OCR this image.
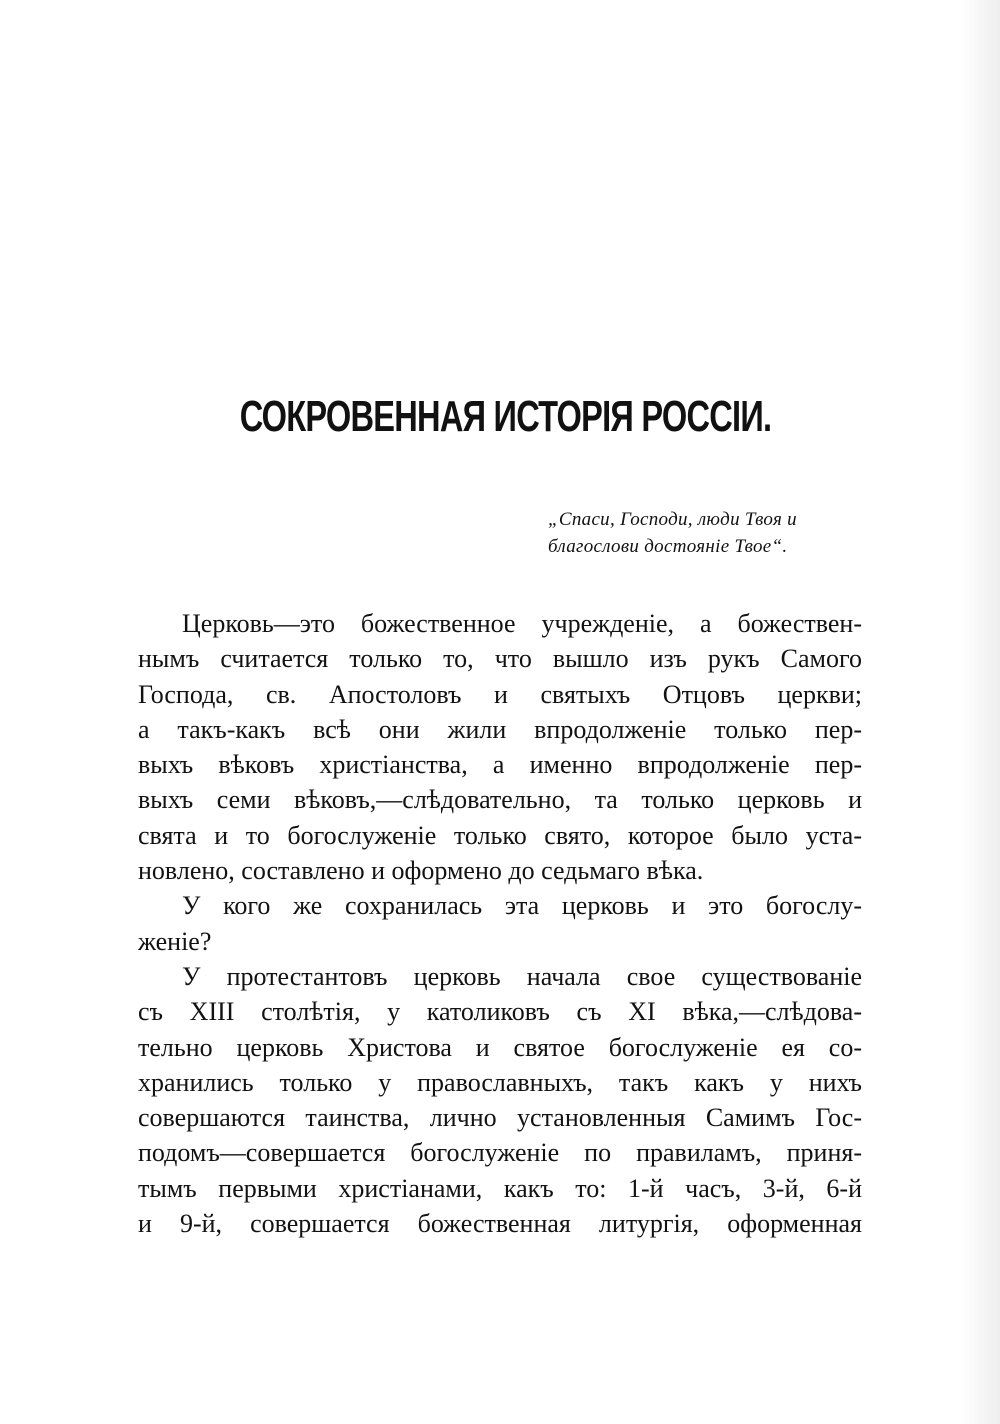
СОКРОВЕННАЯ ИСТОРІЯ РОССІИ.
„Спаси, Господи, люди Твоя и
благослови достояніе Твое“.
Церковь—это божественное учрежденіе, а божествен-
нымъ считается только то, что вышло изъ рукъ Самого
Господа, св. Апостоловъ и святыхъ Отцовъ церкви;
а такъ-какъ всѣ они жили впродолженіе только пер-
выхъ вѣковъ христіанства, а именно впродолженіе пер-
выхъ семи вѣковъ,—слѣдовательно, та только церковь и
свята и то богослуженіе только свято, которое было уста-
новлено, составлено и оформено до седьмаго вѣка.
У кого же сохранилась эта церковь и это богослу-
женіе?
У протестантовъ церковь начала свое существованіе
съ XIII столѣтія, у католиковъ съ XI вѣка,—слѣдова-
тельно церковь Христова и святое богослуженіе ея со-
хранились только у православныхъ, такъ какъ у нихъ
совершаются таинства, лично установленныя Самимъ Гос-
подомъ—совершается богослуженіе по правиламъ, приня-
тымъ первыми христіанами, какъ то: 1-й часъ, 3-й, 6-й
и 9-й, совершается божественная литургія, оформенная
